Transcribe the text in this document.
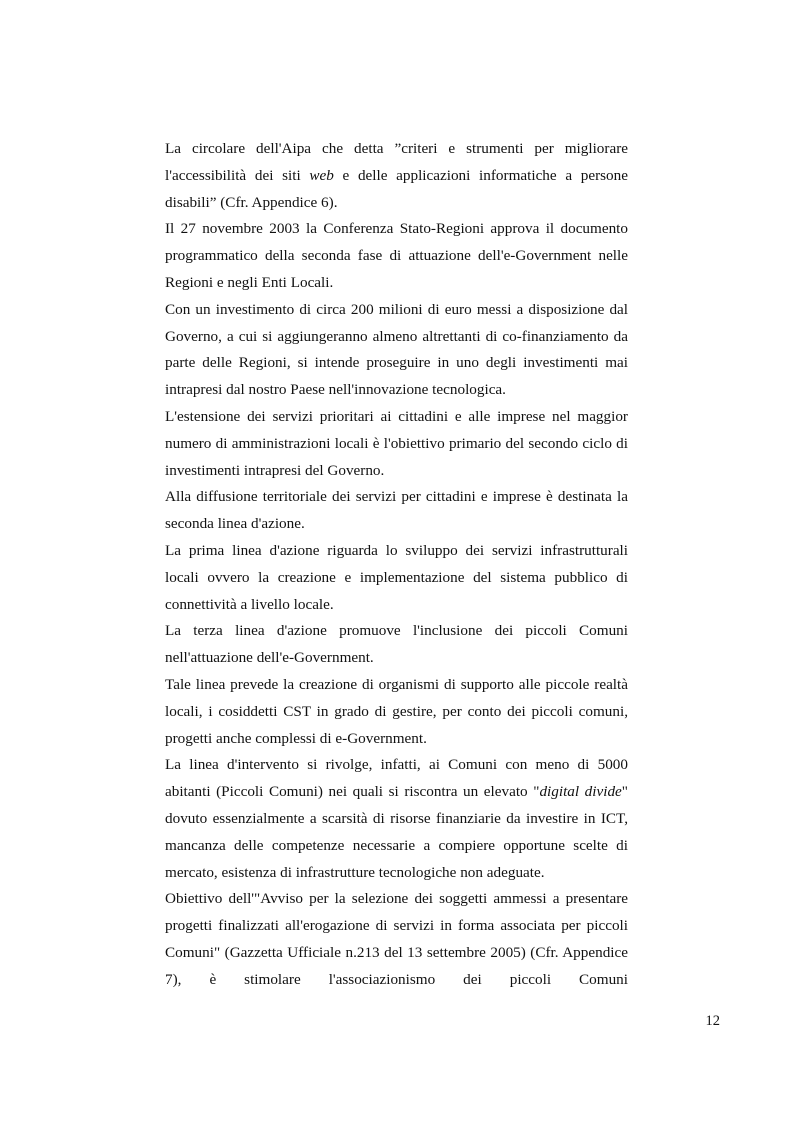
La circolare dell'Aipa che detta ”criteri e strumenti per migliorare l'accessibilità dei siti web e delle applicazioni informatiche a persone disabili” (Cfr. Appendice 6).

Il 27 novembre 2003 la Conferenza Stato-Regioni approva il documento programmatico della seconda fase di attuazione dell'e-Government nelle Regioni e negli Enti Locali.

Con un investimento di circa 200 milioni di euro messi a disposizione dal Governo, a cui si aggiungeranno almeno altrettanti di co-finanziamento da parte delle Regioni, si intende proseguire in uno degli investimenti mai intrapresi dal nostro Paese nell'innovazione tecnologica.

L'estensione dei servizi prioritari ai cittadini e alle imprese nel maggior numero di amministrazioni locali è l'obiettivo primario del secondo ciclo di investimenti intrapresi del Governo.

Alla diffusione territoriale dei servizi per cittadini e imprese è destinata la seconda linea d'azione.

La prima linea d'azione riguarda lo sviluppo dei servizi infrastrutturali locali ovvero la creazione e implementazione del sistema pubblico di connettività a livello locale.

La terza linea d'azione promuove l'inclusione dei piccoli Comuni nell'attuazione dell'e-Government.

Tale linea prevede la creazione di organismi di supporto alle piccole realtà locali, i cosiddetti CST in grado di gestire, per conto dei piccoli comuni, progetti anche complessi di e-Government.

La linea d'intervento si rivolge, infatti, ai Comuni con meno di 5000 abitanti (Piccoli Comuni) nei quali si riscontra un elevato "digital divide" dovuto essenzialmente a scarsità di risorse finanziarie da investire in ICT, mancanza delle competenze necessarie a compiere opportune scelte di mercato, esistenza di infrastrutture tecnologiche non adeguate.

Obiettivo dell'"Avviso per la selezione dei soggetti ammessi a presentare progetti finalizzati all'erogazione di servizi in forma associata per piccoli Comuni" (Gazzetta Ufficiale n.213 del 13 settembre 2005) (Cfr. Appendice 7), è stimolare l'associazionismo dei piccoli Comuni

12
